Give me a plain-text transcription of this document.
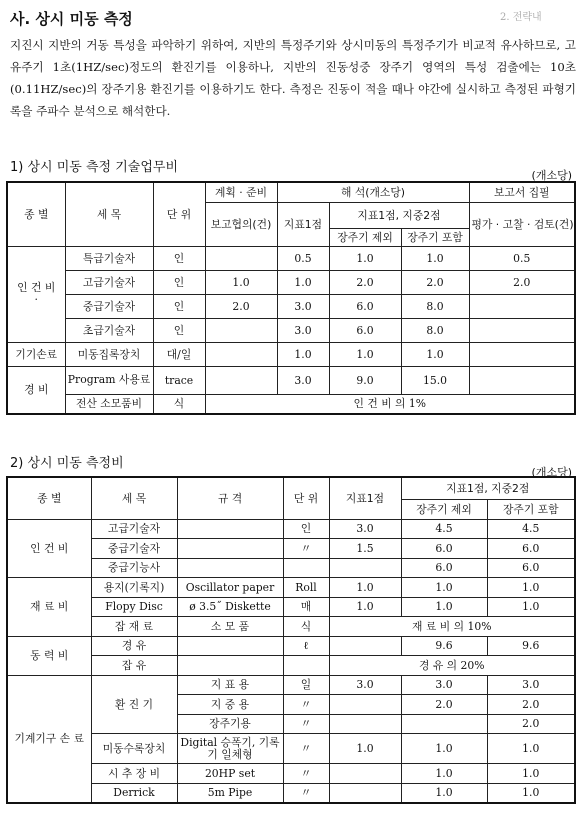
사. 상시 미동 측정	2. 전략내
지진시 지반의 거동 특성을 파악하기 위하여, 지반의 특정주기와 상시미동의 특정주기가 비교적 유사하므로, 고유주기 1초(1HZ/sec)정도의 환진기를 이용하나, 지반의 진동성중 장주기 영역의 특성 검출에는 10초(0.11HZ/sec)의 장주기용 환진기를 이용하기도 한다. 측정은 진동이 적을 때나 야간에 실시하고 측정된 파형기록을 주파수 분석으로 해석한다.
1) 상시 미동 측정 기술업무비
(개소당)
종 별	세 목	단 위	계획 · 준비	해 석(개소당)			보고서 집필
			보고협의(건)	지표1점	지표1점, 지중2점		평가 · 고찰 · 검토(건)
					장주기 제외	장주기 포함	
인 건 비
·	특급기술자	인		0.5	1.0	1.0	0.5
	고급기술자	인	1.0	1.0	2.0	2.0	2.0
	중급기술자	인	2.0	3.0	6.0	8.0	
	초급기술자	인		3.0	6.0	8.0	
기기손료	미동집록장치	대/일		1.0	1.0	1.0	
경 비	Program 사용료	trace		3.0	9.0	15.0	
	전산 소모품비	식	인 건 비 의 1%				
2) 상시 미동 측정비
(개소당)
종 별	세 목	규 격	단 위	지표1점	지표1점, 지중2점	
					장주기 제외	장주기 포함
인 건 비	고급기술자		인	3.0	4.5	4.5
	중급기술자		〃	1.5	6.0	6.0
	중급기능사				6.0	6.0
재 료 비	용지(기록지)	Oscillator paper	Roll	1.0	1.0	1.0
	Flopy Disc	ø 3.5˝ Diskette	매	1.0	1.0	1.0
	잡 재 료	소 모 품	식	재 료 비 의 10%		
동 력 비	경 유		ℓ		9.6	9.6
	잡 유			경 유 의 20%		
기계기구 손 료	환 진 기	지 표 용	일	3.0	3.0	3.0
		지 중 용	〃		2.0	2.0
		장주기용	〃			2.0
	미동수록장치	Digital 승폭기, 기록기 일체형	〃	1.0	1.0	1.0
	시 추 장 비	20HP set	〃		1.0	1.0
	Derrick	5m Pipe	〃		1.0	1.0
